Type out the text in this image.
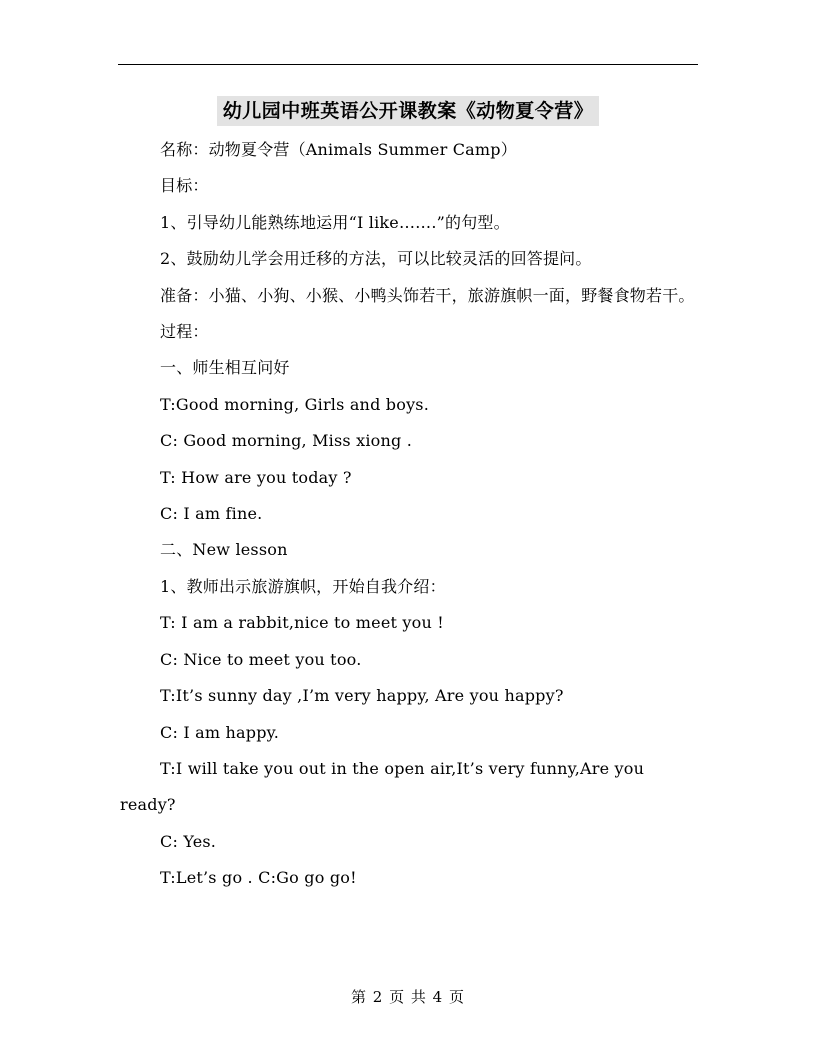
幼儿园中班英语公开课教案《动物夏令营》
名称：动物夏令营（Animals Summer Camp）
目标：
1、引导幼儿能熟练地运用“I like…….”的句型。
2、鼓励幼儿学会用迁移的方法，可以比较灵活的回答提问。
准备：小猫、小狗、小猴、小鸭头饰若干，旅游旗帜一面，野餐食物若干。
过程：
一、师生相互问好
T:Good morning, Girls and boys.
C: Good morning, Miss xiong .
T: How are you today ?
C: I am fine.
二、New lesson
1、教师出示旅游旗帜，开始自我介绍：
T: I am a rabbit,nice to meet you !
C: Nice to meet you too.
T:It’s sunny day ,I’m very happy, Are you happy?
C: I am happy.
T:I will take you out in the open air,It’s very funny,Are you ready?
C: Yes.
T:Let’s go . C:Go go go!
第 2 页 共 4 页
